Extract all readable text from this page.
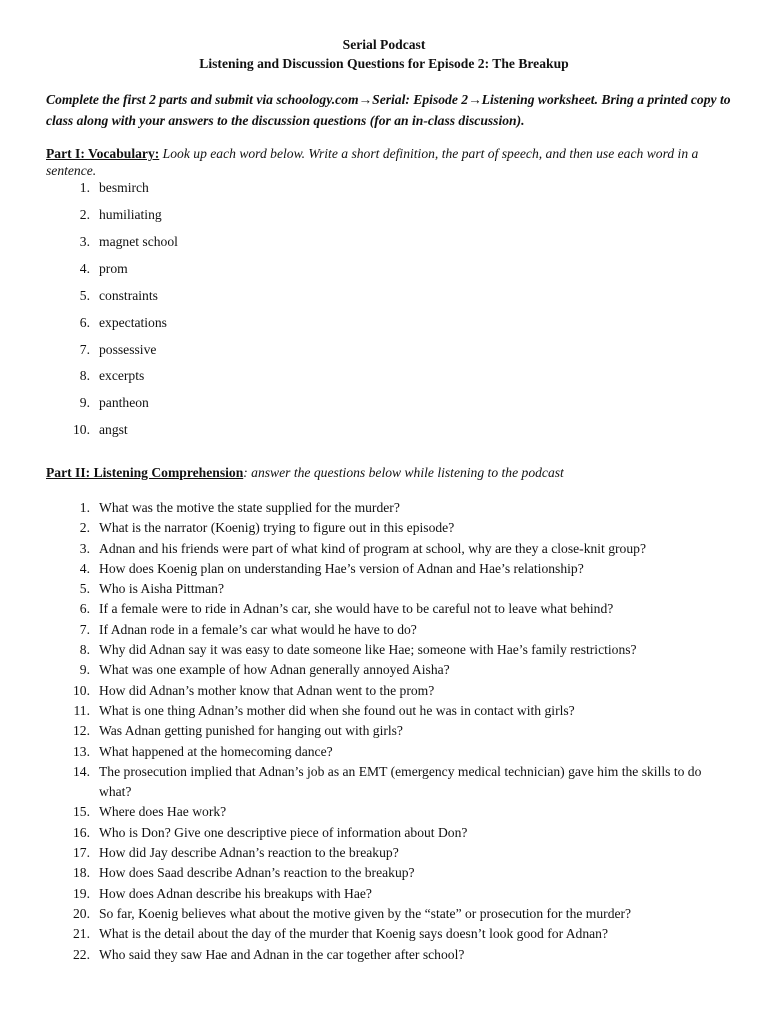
Serial Podcast
Listening and Discussion Questions for Episode 2: The Breakup
Complete the first 2 parts and submit via schoology.com→Serial: Episode 2→Listening worksheet. Bring a printed copy to class along with your answers to the discussion questions (for an in-class discussion).
Part I: Vocabulary: Look up each word below. Write a short definition, the part of speech, and then use each word in a sentence.
1. besmirch
2. humiliating
3. magnet school
4. prom
5. constraints
6. expectations
7. possessive
8. excerpts
9. pantheon
10. angst
Part II: Listening Comprehension: answer the questions below while listening to the podcast
1. What was the motive the state supplied for the murder?
2. What is the narrator (Koenig) trying to figure out in this episode?
3. Adnan and his friends were part of what kind of program at school, why are they a close-knit group?
4. How does Koenig plan on understanding Hae’s version of Adnan and Hae’s relationship?
5. Who is Aisha Pittman?
6. If a female were to ride in Adnan’s car, she would have to be careful not to leave what behind?
7. If Adnan rode in a female’s car what would he have to do?
8. Why did Adnan say it was easy to date someone like Hae; someone with Hae’s family restrictions?
9. What was one example of how Adnan generally annoyed Aisha?
10. How did Adnan’s mother know that Adnan went to the prom?
11. What is one thing Adnan’s mother did when she found out he was in contact with girls?
12. Was Adnan getting punished for hanging out with girls?
13. What happened at the homecoming dance?
14. The prosecution implied that Adnan’s job as an EMT (emergency medical technician) gave him the skills to do what?
15. Where does Hae work?
16. Who is Don? Give one descriptive piece of information about Don?
17. How did Jay describe Adnan’s reaction to the breakup?
18. How does Saad describe Adnan’s reaction to the breakup?
19. How does Adnan describe his breakups with Hae?
20. So far, Koenig believes what about the motive given by the “state” or prosecution for the murder?
21. What is the detail about the day of the murder that Koenig says doesn’t look good for Adnan?
22. Who said they saw Hae and Adnan in the car together after school?
